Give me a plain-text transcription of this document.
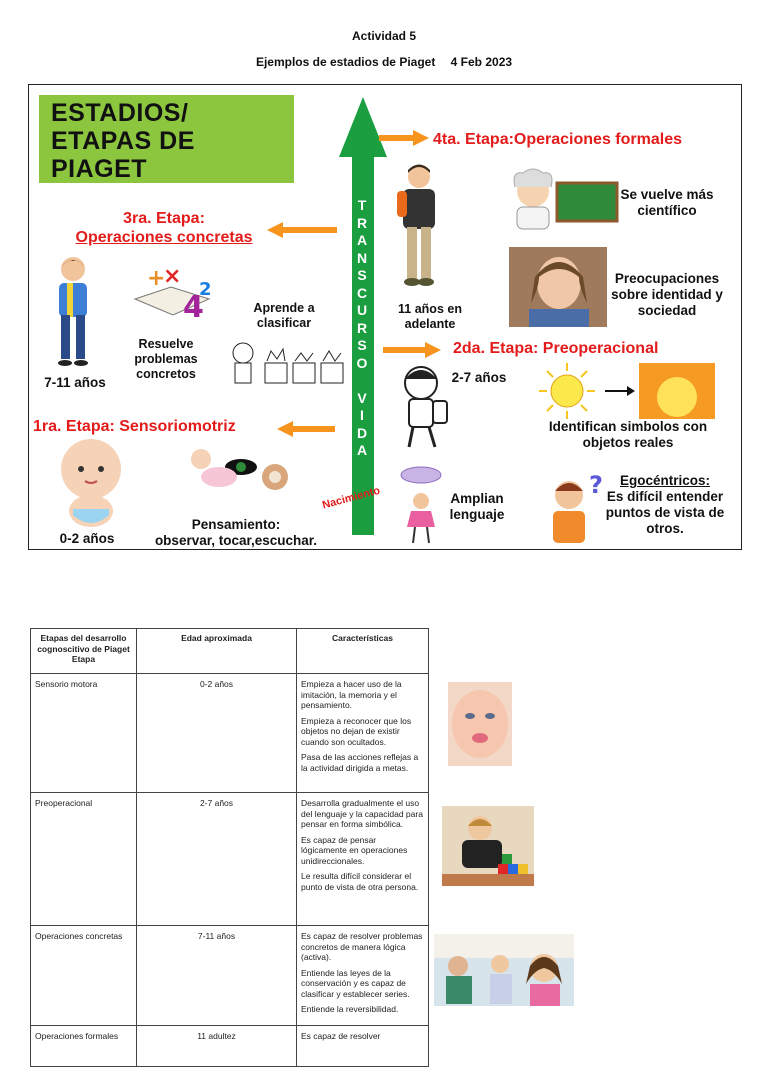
Actividad 5
Ejemplos de estadios de Piaget 4 Feb 2023
ESTADIOS/
ETAPAS DE
PIAGET
T
R
A
N
S
C
U
R
S
O

V
I
D
A
Nacimiento
4ta. Etapa:Operaciones formales
3ra. Etapa:
Operaciones concretas
2da. Etapa: Preoperacional
1ra. Etapa: Sensoriomotriz
11 años en adelante
Se vuelve más científico
Preocupaciones sobre identidad y sociedad
7-11 años
+
×
4
2
Resuelve problemas concretos
Aprende a clasificar
2-7 años
Identifican simbolos con objetos reales
Amplian lenguaje
?	Egocéntricos:
Es difícil entender puntos de vista de otros.
0-2 años
Pensamiento:
observar, tocar,escuchar.
Etapas del desarrollo cognoscitivo de Piaget Etapa	Edad aproximada	Características
Sensorio motora	0-2 años	Empieza a hacer uso de la imitación, la memoria y el pensamiento.

Empieza a reconocer que los objetos no dejan de existir cuando son ocultados.

Pasa de las acciones reflejas a la actividad dirigida a metas.

Preoperacional	2-7 años	Desarrolla gradualmente el uso del lenguaje y la capacidad para pensar en forma simbólica.

Es capaz de pensar lógicamente en operaciones unidireccionales.

Le resulta difícil considerar el punto de vista de otra persona.

Operaciones concretas	7-11 años	Es capaz de resolver problemas concretos de manera lógica (activa).

Entiende las leyes de la conservación y es capaz de clasificar y establecer series.

Entiende la reversibilidad.

Operaciones formales	11 adultez	Es capaz de resolver
